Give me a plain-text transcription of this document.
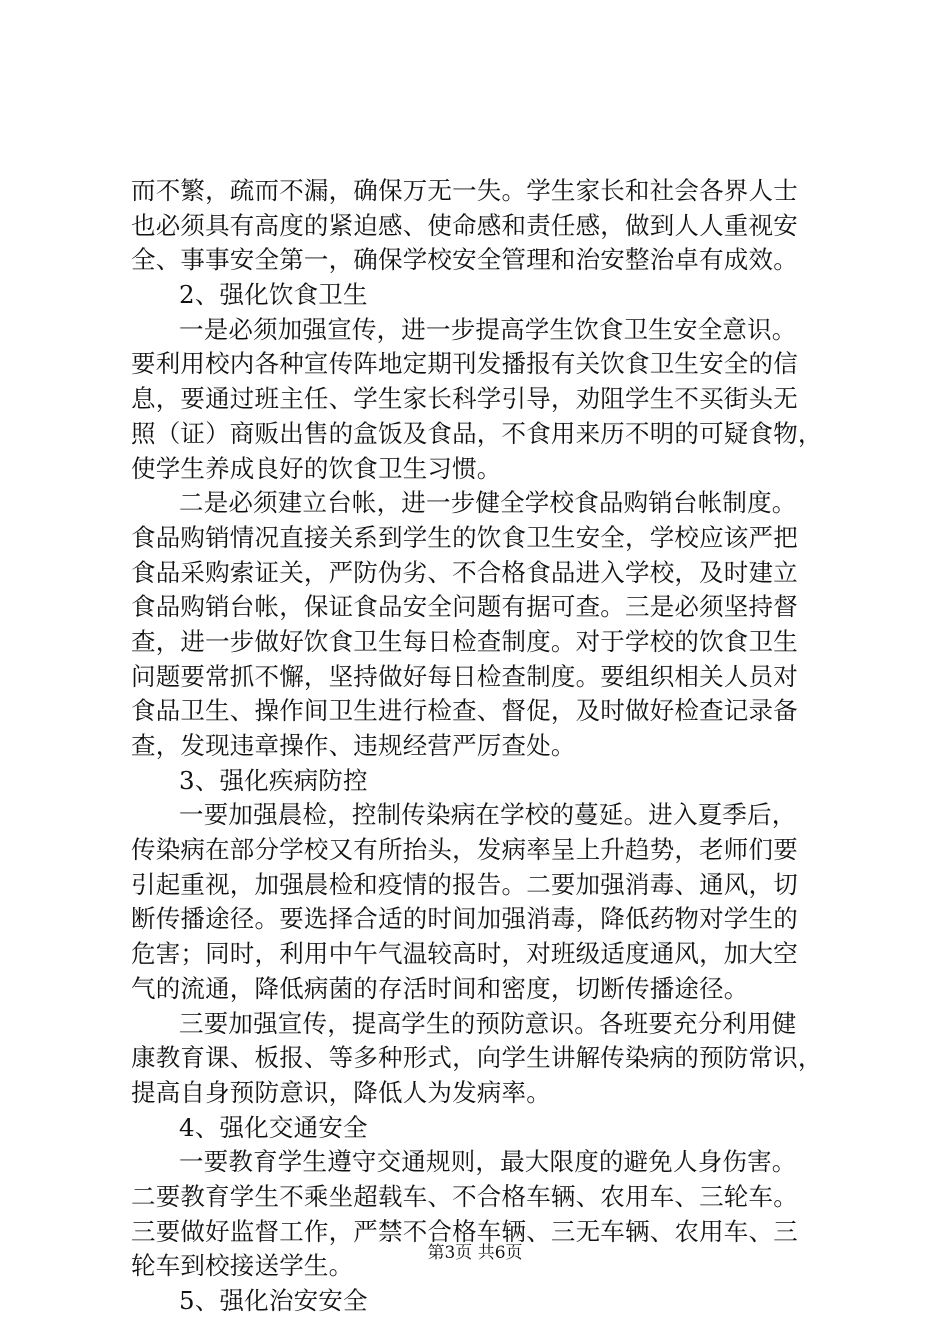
而不繁，疏而不漏，确保万无一失。学生家长和社会各界人士
也必须具有高度的紧迫感、使命感和责任感，做到人人重视安
全、事事安全第一，确保学校安全管理和治安整治卓有成效。
2、强化饮食卫生
一是必须加强宣传，进一步提高学生饮食卫生安全意识。
要利用校内各种宣传阵地定期刊发播报有关饮食卫生安全的信
息，要通过班主任、学生家长科学引导，劝阻学生不买街头无
照（证）商贩出售的盒饭及食品，不食用来历不明的可疑食物，
使学生养成良好的饮食卫生习惯。
二是必须建立台帐，进一步健全学校食品购销台帐制度。
食品购销情况直接关系到学生的饮食卫生安全，学校应该严把
食品采购索证关，严防伪劣、不合格食品进入学校，及时建立
食品购销台帐，保证食品安全问题有据可查。三是必须坚持督
查，进一步做好饮食卫生每日检查制度。对于学校的饮食卫生
问题要常抓不懈，坚持做好每日检查制度。要组织相关人员对
食品卫生、操作间卫生进行检查、督促，及时做好检查记录备
查，发现违章操作、违规经营严厉查处。
3、强化疾病防控
一要加强晨检，控制传染病在学校的蔓延。进入夏季后，
传染病在部分学校又有所抬头，发病率呈上升趋势，老师们要
引起重视，加强晨检和疫情的报告。二要加强消毒、通风，切
断传播途径。要选择合适的时间加强消毒，降低药物对学生的
危害；同时，利用中午气温较高时，对班级适度通风，加大空
气的流通，降低病菌的存活时间和密度，切断传播途径。
三要加强宣传，提高学生的预防意识。各班要充分利用健
康教育课、板报、等多种形式，向学生讲解传染病的预防常识，
提高自身预防意识，降低人为发病率。
4、强化交通安全
一要教育学生遵守交通规则，最大限度的避免人身伤害。
二要教育学生不乘坐超载车、不合格车辆、农用车、三轮车。
三要做好监督工作，严禁不合格车辆、三无车辆、农用车、三
轮车到校接送学生。
5、强化治安安全
第3页 共6页
